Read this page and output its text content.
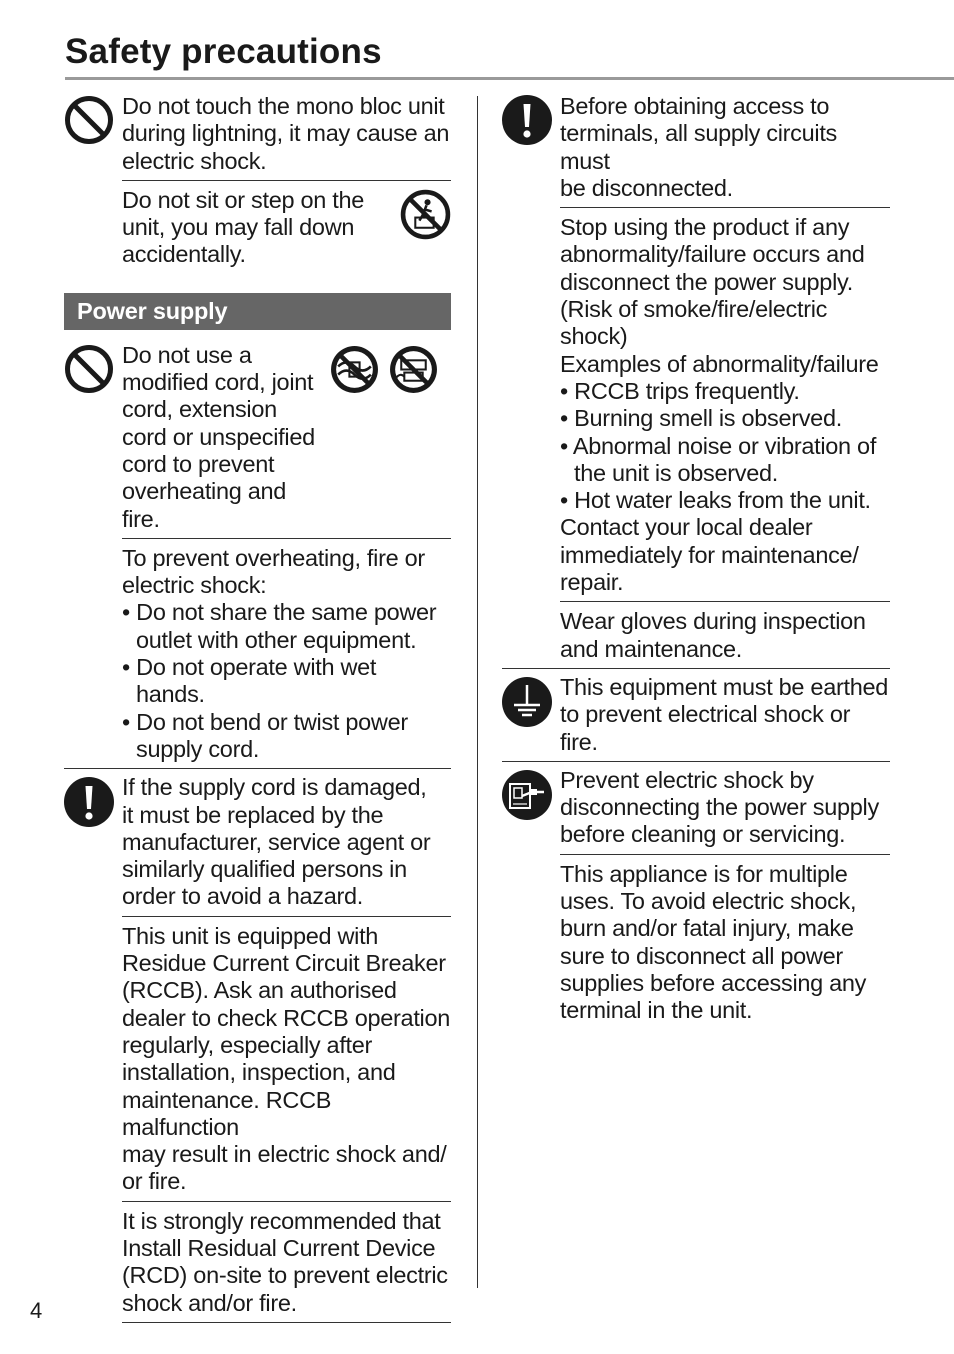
Safety precautions

Do not touch the mono bloc unit

during lightning, it may cause an

electric shock.

Do not sit or step on the

unit, you may fall down

accidentally.

Power supply

Do not use a

modified cord, joint

cord, extension

cord or unspecified

cord to prevent

overheating and fire.

To prevent overheating, fire or

electric shock:

• Do not share the same power

outlet with other equipment.

• Do not operate with wet hands.

• Do not bend or twist power

supply cord.

If the supply cord is damaged,

it must be replaced by the

manufacturer, service agent or

similarly qualified persons in

order to avoid a hazard.

This unit is equipped with

Residue Current Circuit Breaker

(RCCB). Ask an authorised

dealer to check RCCB operation

regularly, especially after

installation, inspection, and

maintenance. RCCB malfunction

may result in electric shock and/

or fire.

It is strongly recommended that

Install Residual Current Device

(RCD) on-site to prevent electric

shock and/or fire.

Before obtaining access to

terminals, all supply circuits must

be disconnected.

Stop using the product if any

abnormality/failure occurs and

disconnect the power supply.

(Risk of smoke/fire/electric

shock)

Examples of abnormality/failure

• RCCB trips frequently.

• Burning smell is observed.

• Abnormal noise or vibration of

the unit is observed.

• Hot water leaks from the unit.

Contact your local dealer

immediately for maintenance/

repair.

Wear gloves during inspection

and maintenance.

This equipment must be earthed

to prevent electrical shock or fire.

Prevent electric shock by

disconnecting the power supply

before cleaning or servicing.

This appliance is for multiple

uses. To avoid electric shock,

burn and/or fatal injury, make

sure to disconnect all power

supplies before accessing any

terminal in the unit.

4
